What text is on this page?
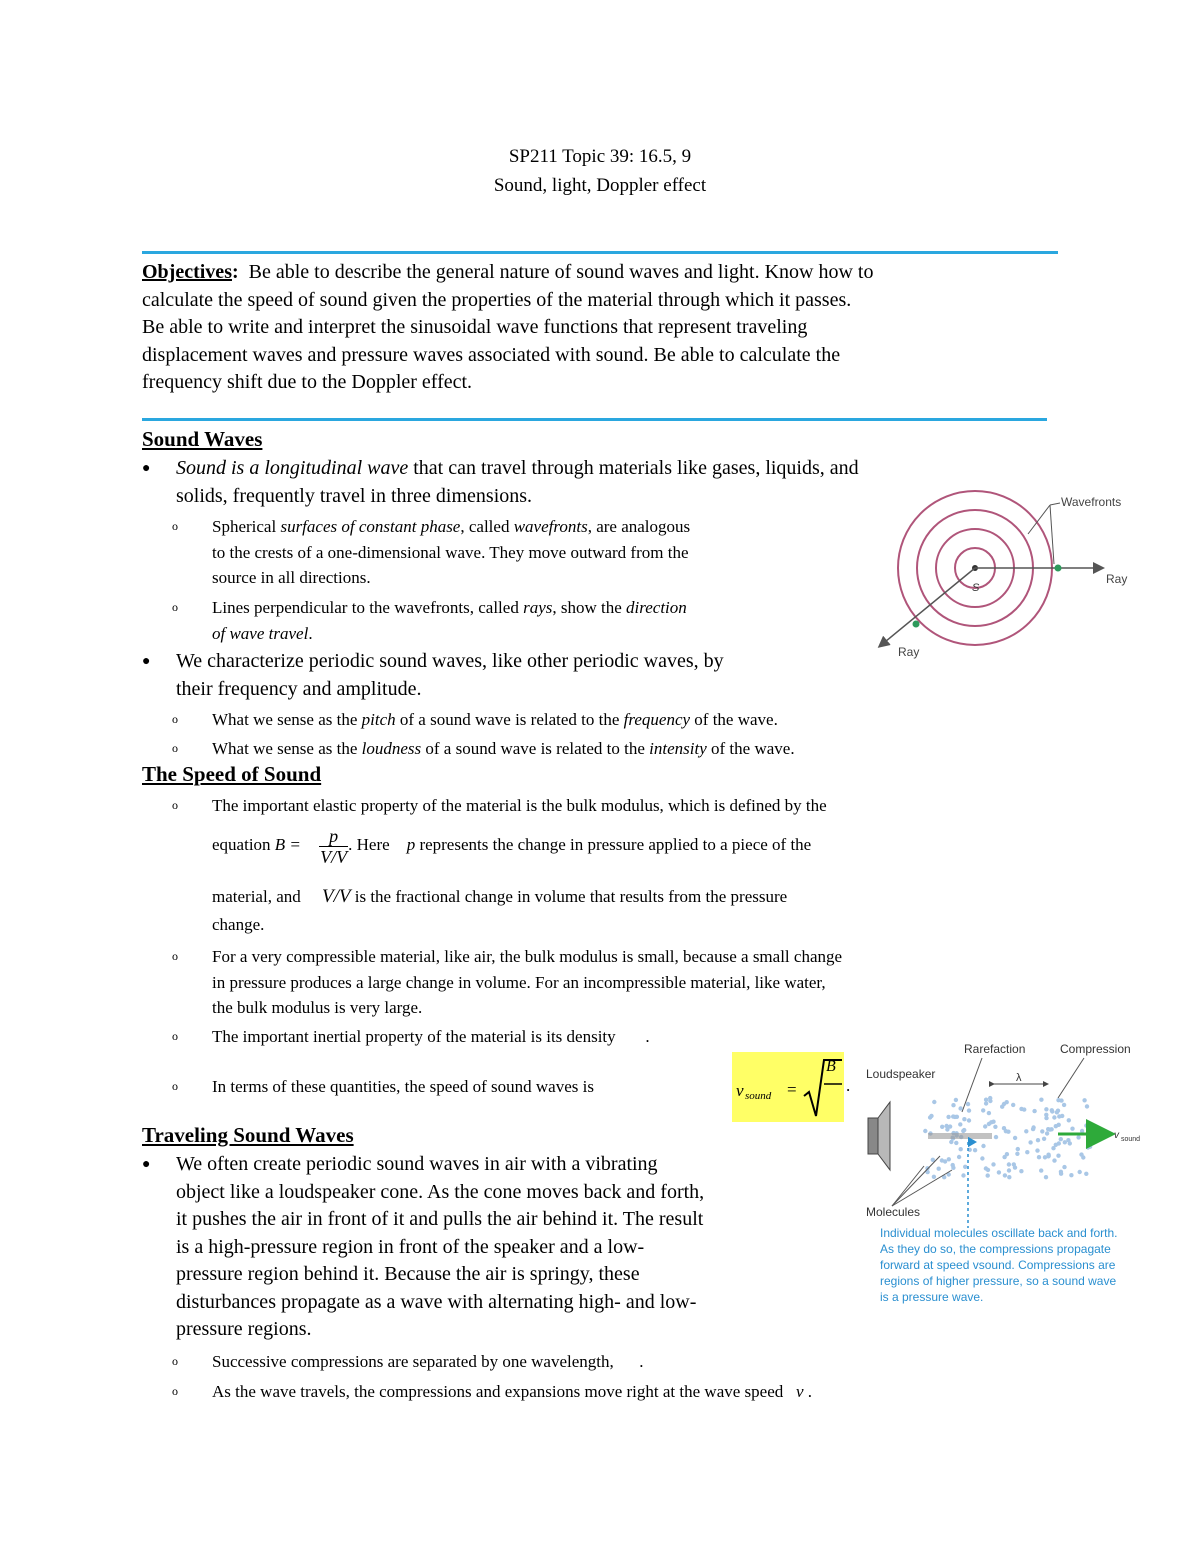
SP211 Topic 39: 16.5, 9
Sound, light, Doppler effect
Objectives: Be able to describe the general nature of sound waves and light. Know how to
calculate the speed of sound given the properties of the material through which it passes.
Be able to write and interpret the sinusoidal wave functions that represent traveling
displacement waves and pressure waves associated with sound. Be able to calculate the
frequency shift due to the Doppler effect.
Sound Waves
● Sound is a longitudinal wave that can travel through materials like gases, liquids, and
solids, frequently travel in three dimensions.
o Spherical surfaces of constant phase, called wavefronts, are analogous
to the crests of a one-dimensional wave. They move outward from the
source in all directions.
o Lines perpendicular to the wavefronts, called rays, show the direction
of wave travel.
● We characterize periodic sound waves, like other periodic waves, by
their frequency and amplitude.
o What we sense as the pitch of a sound wave is related to the frequency of the wave.
o What we sense as the loudness of a sound wave is related to the intensity of the wave.
S
Wavefronts
Ray
Ray
The Speed of Sound
o The important elastic property of the material is the bulk modulus, which is defined by the
equation $B = \frac{p}{V/V}$ . Here p represents the change in pressure applied to a piece of the
material, and V/V is the fractional change in volume that results from the pressure
change.
o For a very compressible material, like air, the bulk modulus is small, because a small change
in pressure produces a large change in volume. For an incompressible material, like water,
the bulk modulus is very large.
o The important inertial property of the material is its density .
o In terms of these quantities, the speed of sound waves is	v sound =
B
.
Rarefaction	Compression
Loudspeaker	λ
v sound
Molecules
Individual molecules oscillate back and forth.
As they do so, the compressions propagate
forward at speed vsound. Compressions are
regions of higher pressure, so a sound wave
is a pressure wave.
Traveling Sound Waves
● We often create periodic sound waves in air with a vibrating
object like a loudspeaker cone. As the cone moves back and forth,
it pushes the air in front of it and pulls the air behind it. The result
is a high-pressure region in front of the speaker and a low-
pressure region behind it. Because the air is springy, these
disturbances propagate as a wave with alternating high- and low-
pressure regions.
o Successive compressions are separated by one wavelength, .
o As the wave travels, the compressions and expansions move right at the wave speed v .
